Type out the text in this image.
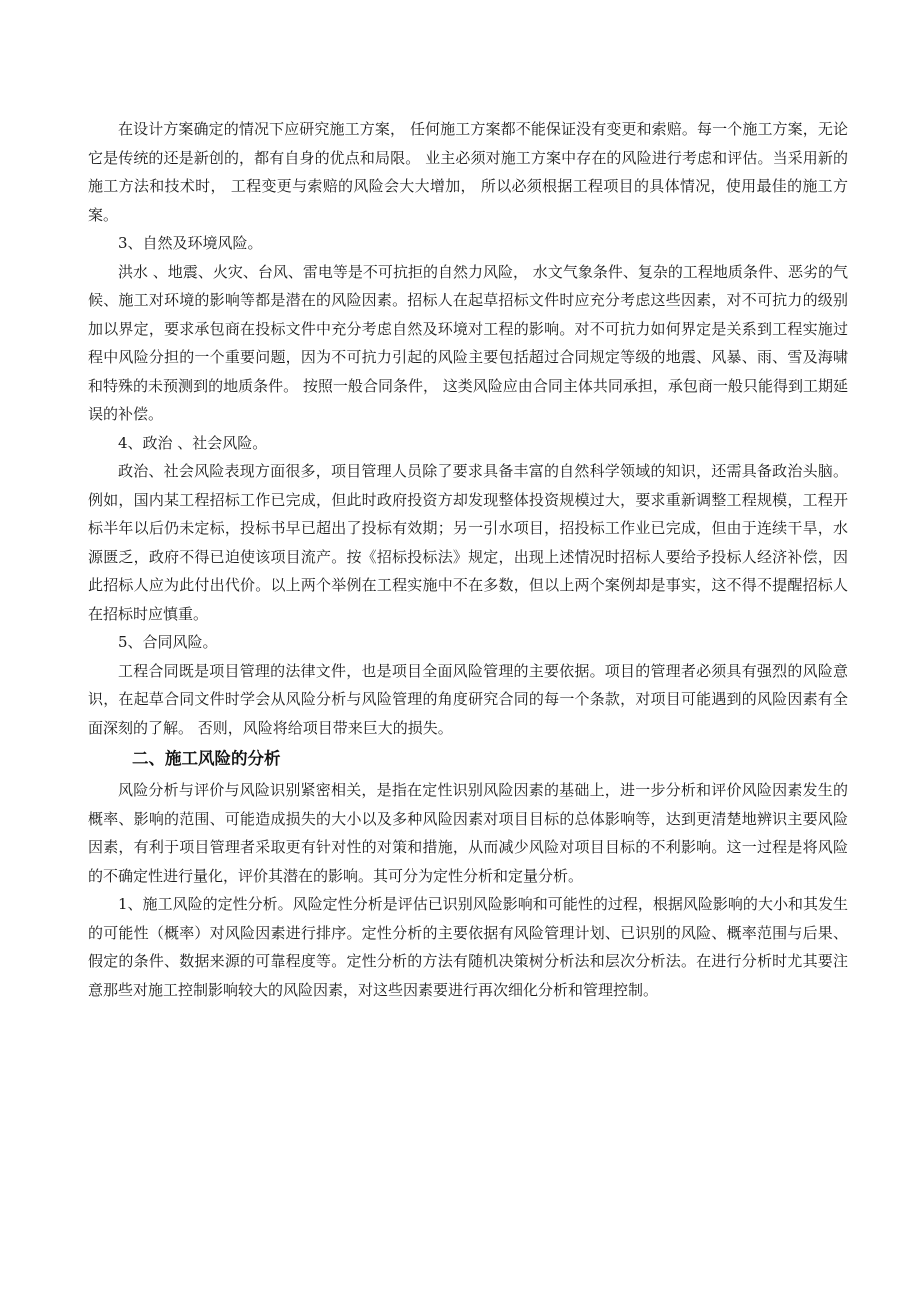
在设计方案确定的情况下应研究施工方案， 任何施工方案都不能保证没有变更和索赔。每一个施工方案，无论它是传统的还是新创的，都有自身的优点和局限。 业主必须对施工方案中存在的风险进行考虑和评估。当采用新的施工方法和技术时， 工程变更与索赔的风险会大大增加， 所以必须根据工程项目的具体情况，使用最佳的施工方案。

3、自然及环境风险。

洪水 、地震、火灾、台风、雷电等是不可抗拒的自然力风险， 水文气象条件、复杂的工程地质条件、恶劣的气候、施工对环境的影响等都是潜在的风险因素。招标人在起草招标文件时应充分考虑这些因素，对不可抗力的级别加以界定，要求承包商在投标文件中充分考虑自然及环境对工程的影响。对不可抗力如何界定是关系到工程实施过程中风险分担的一个重要问题，因为不可抗力引起的风险主要包括超过合同规定等级的地震、风暴、雨、雪及海啸和特殊的未预测到的地质条件。 按照一般合同条件， 这类风险应由合同主体共同承担，承包商一般只能得到工期延误的补偿。

4、政治 、社会风险。

政治、社会风险表现方面很多，项目管理人员除了要求具备丰富的自然科学领域的知识，还需具备政治头脑。例如，国内某工程招标工作已完成，但此时政府投资方却发现整体投资规模过大，要求重新调整工程规模，工程开标半年以后仍未定标，投标书早已超出了投标有效期；另一引水项目，招投标工作业已完成，但由于连续干旱，水源匮乏，政府不得已迫使该项目流产。按《招标投标法》规定，出现上述情况时招标人要给予投标人经济补偿，因此招标人应为此付出代价。以上两个举例在工程实施中不在多数，但以上两个案例却是事实，这不得不提醒招标人在招标时应慎重。

5、合同风险。

工程合同既是项目管理的法律文件，也是项目全面风险管理的主要依据。项目的管理者必须具有强烈的风险意识，在起草合同文件时学会从风险分析与风险管理的角度研究合同的每一个条款，对项目可能遇到的风险因素有全面深刻的了解。 否则，风险将给项目带来巨大的损失。

二、施工风险的分析

风险分析与评价与风险识别紧密相关，是指在定性识别风险因素的基础上，进一步分析和评价风险因素发生的概率、影响的范围、可能造成损失的大小以及多种风险因素对项目目标的总体影响等，达到更清楚地辨识主要风险因素，有利于项目管理者采取更有针对性的对策和措施，从而减少风险对项目目标的不利影响。这一过程是将风险的不确定性进行量化，评价其潜在的影响。其可分为定性分析和定量分析。

1、施工风险的定性分析。风险定性分析是评估已识别风险影响和可能性的过程，根据风险影响的大小和其发生的可能性（概率）对风险因素进行排序。定性分析的主要依据有风险管理计划、已识别的风险、概率范围与后果、假定的条件、数据来源的可靠程度等。定性分析的方法有随机决策树分析法和层次分析法。在进行分析时尤其要注意那些对施工控制影响较大的风险因素，对这些因素要进行再次细化分析和管理控制。
